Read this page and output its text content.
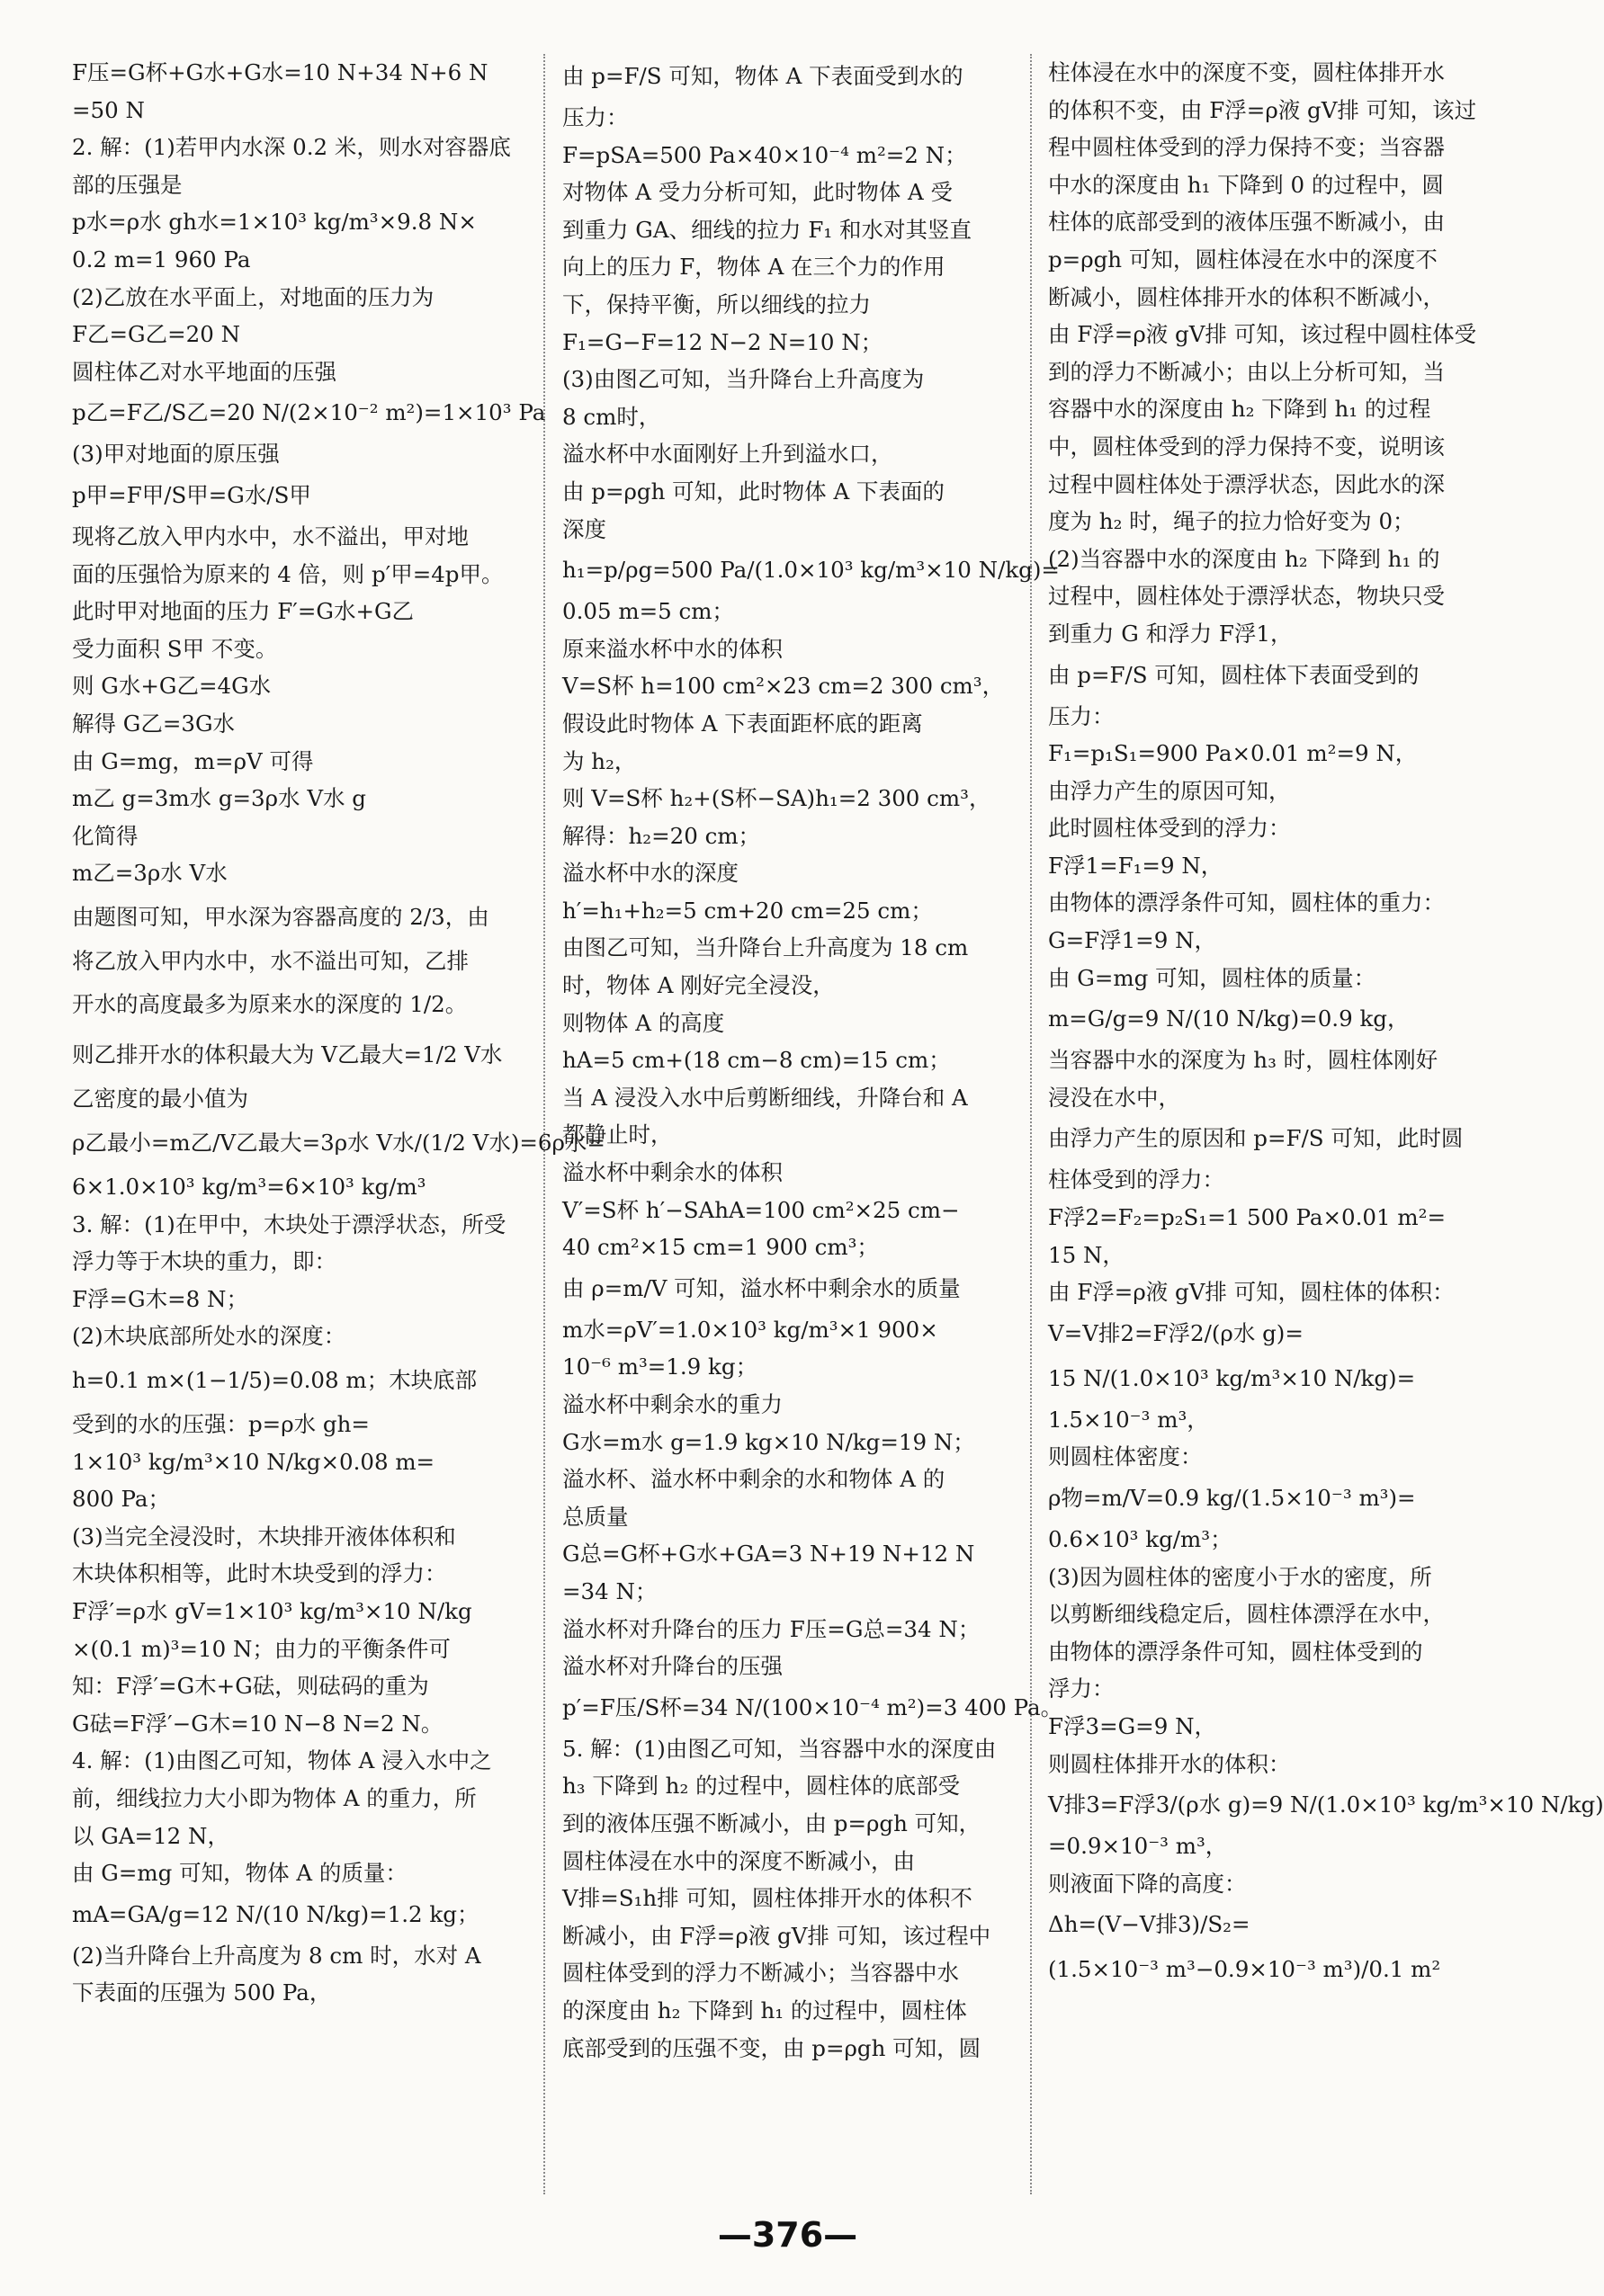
F压=G杯+G水+G水=10 N+34 N+6 N
=50 N
2. 解：(1)若甲内水深 0.2 米，则水对容器底
部的压强是
p水=ρ水 gh水=1×10³ kg/m³×9.8 N×
0.2 m=1 960 Pa
(2)乙放在水平面上，对地面的压力为
F乙=G乙=20 N
圆柱体乙对水平地面的压强
p乙=F乙/S乙=20 N/(2×10⁻² m²)=1×10³ Pa
(3)甲对地面的原压强
p甲=F甲/S甲=G水/S甲
现将乙放入甲内水中，水不溢出，甲对地
面的压强恰为原来的 4 倍，则 p′甲=4p甲。
此时甲对地面的压力 F′=G水+G乙
受力面积 S甲 不变。
则 G水+G乙=4G水
解得 G乙=3G水
由 G=mg，m=ρV 可得
m乙 g=3m水 g=3ρ水 V水 g
化简得
m乙=3ρ水 V水
由题图可知，甲水深为容器高度的 2/3，由
将乙放入甲内水中，水不溢出可知，乙排
开水的高度最多为原来水的深度的 1/2。
则乙排开水的体积最大为 V乙最大=1/2 V水
乙密度的最小值为
ρ乙最小=m乙/V乙最大=3ρ水 V水/(1/2 V水)=6ρ水=
6×1.0×10³ kg/m³=6×10³ kg/m³
3. 解：(1)在甲中，木块处于漂浮状态，所受
浮力等于木块的重力，即：
F浮=G木=8 N；
(2)木块底部所处水的深度：
h=0.1 m×(1−1/5)=0.08 m；木块底部
受到的水的压强：p=ρ水 gh=
1×10³ kg/m³×10 N/kg×0.08 m=
800 Pa；
(3)当完全浸没时，木块排开液体体积和
木块体积相等，此时木块受到的浮力：
F浮′=ρ水 gV=1×10³ kg/m³×10 N/kg
×(0.1 m)³=10 N；由力的平衡条件可
知：F浮′=G木+G砝，则砝码的重为
G砝=F浮′−G木=10 N−8 N=2 N。
4. 解：(1)由图乙可知，物体 A 浸入水中之
前，细线拉力大小即为物体 A 的重力，所
以 GA=12 N，
由 G=mg 可知，物体 A 的质量：
mA=GA/g=12 N/(10 N/kg)=1.2 kg；
(2)当升降台上升高度为 8 cm 时，水对 A
下表面的压强为 500 Pa，
由 p=F/S 可知，物体 A 下表面受到水的
压力：
F=pSA=500 Pa×40×10⁻⁴ m²=2 N；
对物体 A 受力分析可知，此时物体 A 受
到重力 GA、细线的拉力 F₁ 和水对其竖直
向上的压力 F，物体 A 在三个力的作用
下，保持平衡，所以细线的拉力
F₁=G−F=12 N−2 N=10 N；
(3)由图乙可知，当升降台上升高度为
8 cm时，
溢水杯中水面刚好上升到溢水口，
由 p=ρgh 可知，此时物体 A 下表面的
深度
h₁=p/ρg=500 Pa/(1.0×10³ kg/m³×10 N/kg)=
0.05 m=5 cm；
原来溢水杯中水的体积
V=S杯 h=100 cm²×23 cm=2 300 cm³，
假设此时物体 A 下表面距杯底的距离
为 h₂，
则 V=S杯 h₂+(S杯−SA)h₁=2 300 cm³，
解得：h₂=20 cm；
溢水杯中水的深度
h′=h₁+h₂=5 cm+20 cm=25 cm；
由图乙可知，当升降台上升高度为 18 cm
时，物体 A 刚好完全浸没，
则物体 A 的高度
hA=5 cm+(18 cm−8 cm)=15 cm；
当 A 浸没入水中后剪断细线，升降台和 A
都静止时，
溢水杯中剩余水的体积
V′=S杯 h′−SAhA=100 cm²×25 cm−
40 cm²×15 cm=1 900 cm³；
由 ρ=m/V 可知，溢水杯中剩余水的质量
m水=ρV′=1.0×10³ kg/m³×1 900×
10⁻⁶ m³=1.9 kg；
溢水杯中剩余水的重力
G水=m水 g=1.9 kg×10 N/kg=19 N；
溢水杯、溢水杯中剩余的水和物体 A 的
总质量
G总=G杯+G水+GA=3 N+19 N+12 N
=34 N；
溢水杯对升降台的压力 F压=G总=34 N；
溢水杯对升降台的压强
p′=F压/S杯=34 N/(100×10⁻⁴ m²)=3 400 Pa。
5. 解：(1)由图乙可知，当容器中水的深度由
h₃ 下降到 h₂ 的过程中，圆柱体的底部受
到的液体压强不断减小，由 p=ρgh 可知，
圆柱体浸在水中的深度不断减小，由
V排=S₁h排 可知，圆柱体排开水的体积不
断减小，由 F浮=ρ液 gV排 可知，该过程中
圆柱体受到的浮力不断减小；当容器中水
的深度由 h₂ 下降到 h₁ 的过程中，圆柱体
底部受到的压强不变，由 p=ρgh 可知，圆
柱体浸在水中的深度不变，圆柱体排开水
的体积不变，由 F浮=ρ液 gV排 可知，该过
程中圆柱体受到的浮力保持不变；当容器
中水的深度由 h₁ 下降到 0 的过程中，圆
柱体的底部受到的液体压强不断减小，由
p=ρgh 可知，圆柱体浸在水中的深度不
断减小，圆柱体排开水的体积不断减小，
由 F浮=ρ液 gV排 可知，该过程中圆柱体受
到的浮力不断减小；由以上分析可知，当
容器中水的深度由 h₂ 下降到 h₁ 的过程
中，圆柱体受到的浮力保持不变，说明该
过程中圆柱体处于漂浮状态，因此水的深
度为 h₂ 时，绳子的拉力恰好变为 0；
(2)当容器中水的深度由 h₂ 下降到 h₁ 的
过程中，圆柱体处于漂浮状态，物块只受
到重力 G 和浮力 F浮1，
由 p=F/S 可知，圆柱体下表面受到的
压力：
F₁=p₁S₁=900 Pa×0.01 m²=9 N，
由浮力产生的原因可知，
此时圆柱体受到的浮力：
F浮1=F₁=9 N，
由物体的漂浮条件可知，圆柱体的重力：
G=F浮1=9 N，
由 G=mg 可知，圆柱体的质量：
m=G/g=9 N/(10 N/kg)=0.9 kg，
当容器中水的深度为 h₃ 时，圆柱体刚好
浸没在水中，
由浮力产生的原因和 p=F/S 可知，此时圆
柱体受到的浮力：
F浮2=F₂=p₂S₁=1 500 Pa×0.01 m²=
15 N，
由 F浮=ρ液 gV排 可知，圆柱体的体积：
V=V排2=F浮2/(ρ水 g)=
15 N/(1.0×10³ kg/m³×10 N/kg)=
1.5×10⁻³ m³，
则圆柱体密度：
ρ物=m/V=0.9 kg/(1.5×10⁻³ m³)=
0.6×10³ kg/m³；
(3)因为圆柱体的密度小于水的密度，所
以剪断细线稳定后，圆柱体漂浮在水中，
由物体的漂浮条件可知，圆柱体受到的
浮力：
F浮3=G=9 N，
则圆柱体排开水的体积：
V排3=F浮3/(ρ水 g)=9 N/(1.0×10³ kg/m³×10 N/kg)
=0.9×10⁻³ m³，
则液面下降的高度：
Δh=(V−V排3)/S₂=
(1.5×10⁻³ m³−0.9×10⁻³ m³)/0.1 m²
—376—
